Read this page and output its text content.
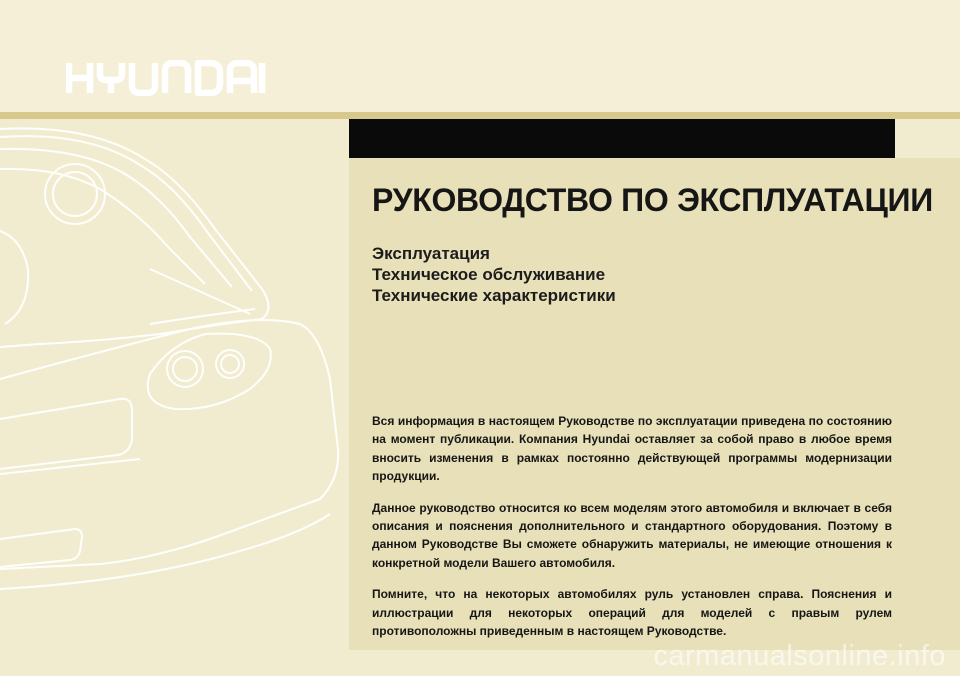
РУКОВОДСТВО ПО ЭКСПЛУАТАЦИИ
Эксплуатация
Техническое обслуживание
Технические характеристики

Вся информация в настоящем Руководстве по эксплуатации приведена по состоянию на момент публикации. Компания Hyundai оставляет за собой право в любое время вносить изменения в рамках постоянно действующей программы модернизации продукции.

Данное руководство относится ко всем моделям этого автомобиля и включает в себя описания и пояснения дополнительного и стандартного оборудования. Поэтому в данном Руководстве Вы сможете обнаружить материалы, не имеющие отношения к конкретной модели Вашего автомобиля.

Помните, что на некоторых автомобилях руль установлен справа. Пояснения и иллюстрации для некоторых операций для моделей с правым рулем противоположны приведенным в настоящем Руководстве.

carmanualsonline.info
